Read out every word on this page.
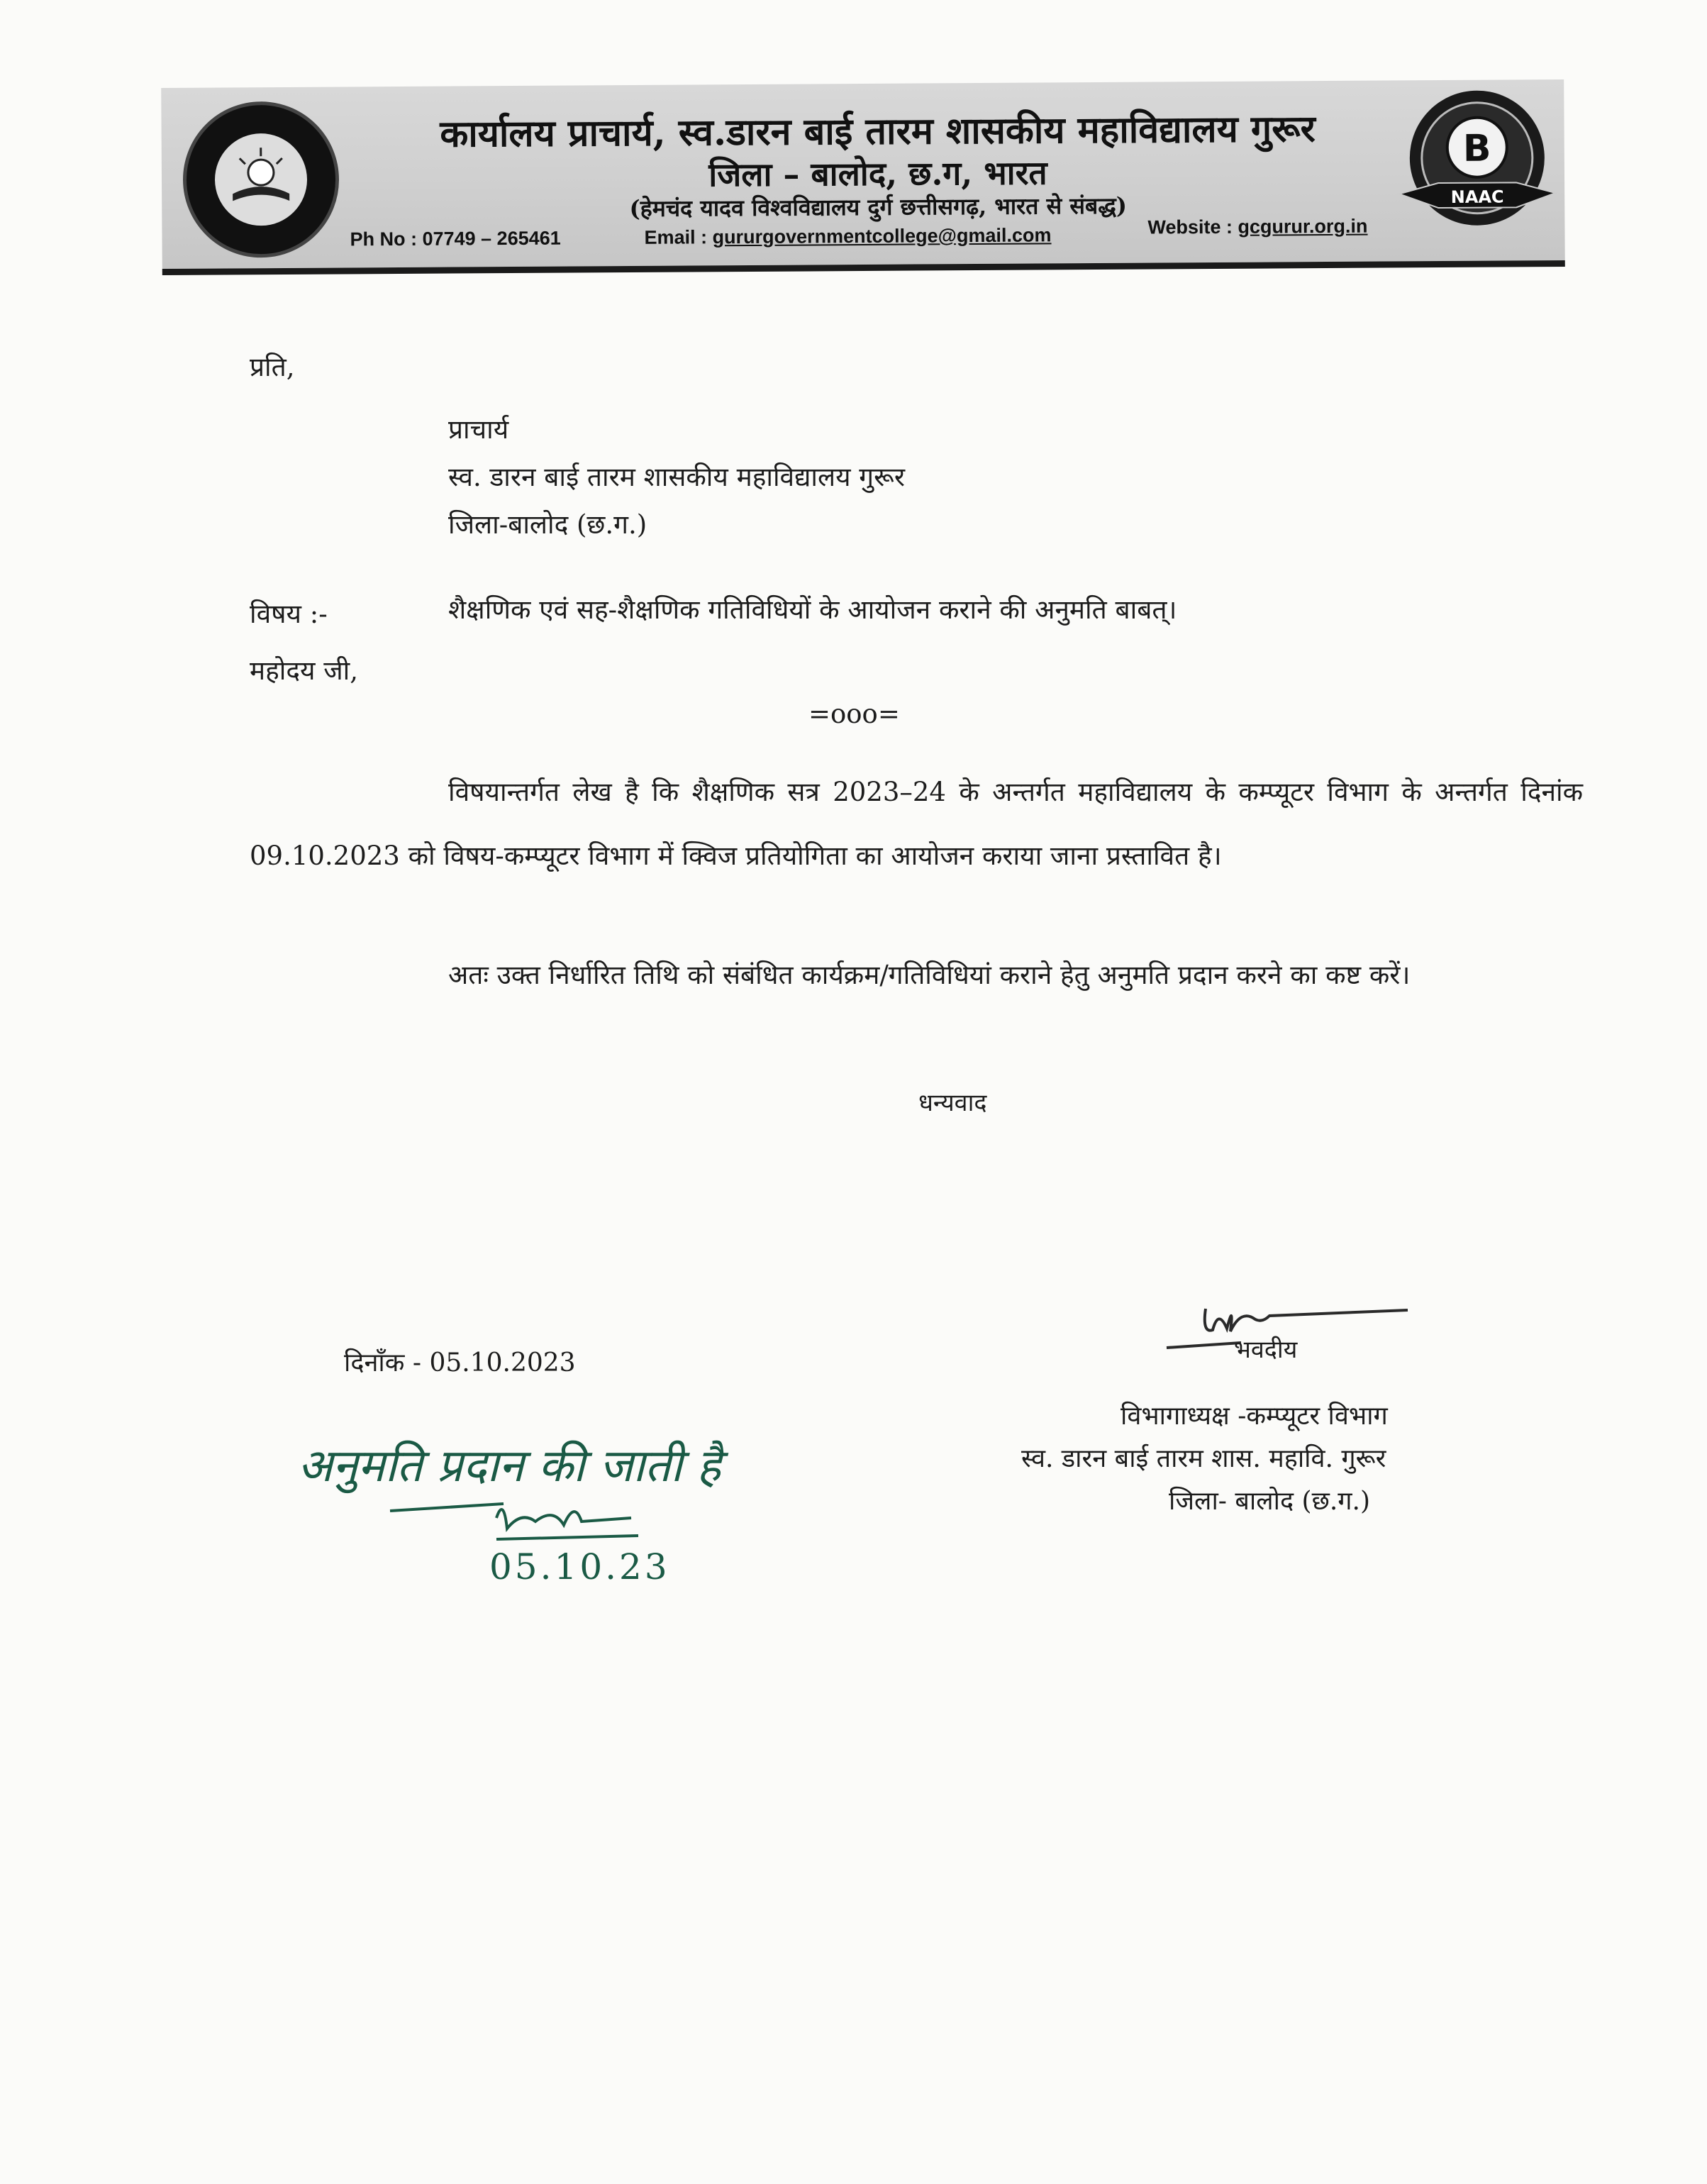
कार्यालय प्राचार्य, स्व.डारन बाई तारम शासकीय महाविद्यालय गुरूर
जिला – बालोद, छ.ग, भारत
(हेमचंद यादव विश्वविद्यालय दुर्ग छत्तीसगढ़, भारत से संबद्ध)
Ph No : 07749 – 265461	Email : gururgovernmentcollege@gmail.com	Website : gcgurur.org.in
B
NAAC
प्रति,
प्राचार्य
स्व. डारन बाई तारम शासकीय महाविद्यालय गुरूर
जिला-बालोद (छ.ग.)
विषय :-	शैक्षणिक एवं सह-शैक्षणिक गतिविधियों के आयोजन कराने की अनुमति बाबत्।
महोदय जी,
=ooo=
विषयान्तर्गत लेख है कि शैक्षणिक सत्र 2023–24 के अन्तर्गत महाविद्यालय के कम्प्यूटर विभाग के अन्तर्गत दिनांक 09.10.2023 को विषय-कम्प्यूटर विभाग में क्विज प्रतियोगिता का आयोजन कराया जाना प्रस्तावित है।
अतः उक्त निर्धारित तिथि को संबंधित कार्यक्रम/गतिविधियां कराने हेतु अनुमति प्रदान करने का कष्ट करें।
धन्यवाद
भवदीय
विभागाध्यक्ष -कम्प्यूटर विभाग
स्व. डारन बाई तारम शास. महावि. गुरूर
जिला- बालोद (छ.ग.)
दिनाँक - 05.10.2023
अनुमति प्रदान की जाती है
05.10.23
